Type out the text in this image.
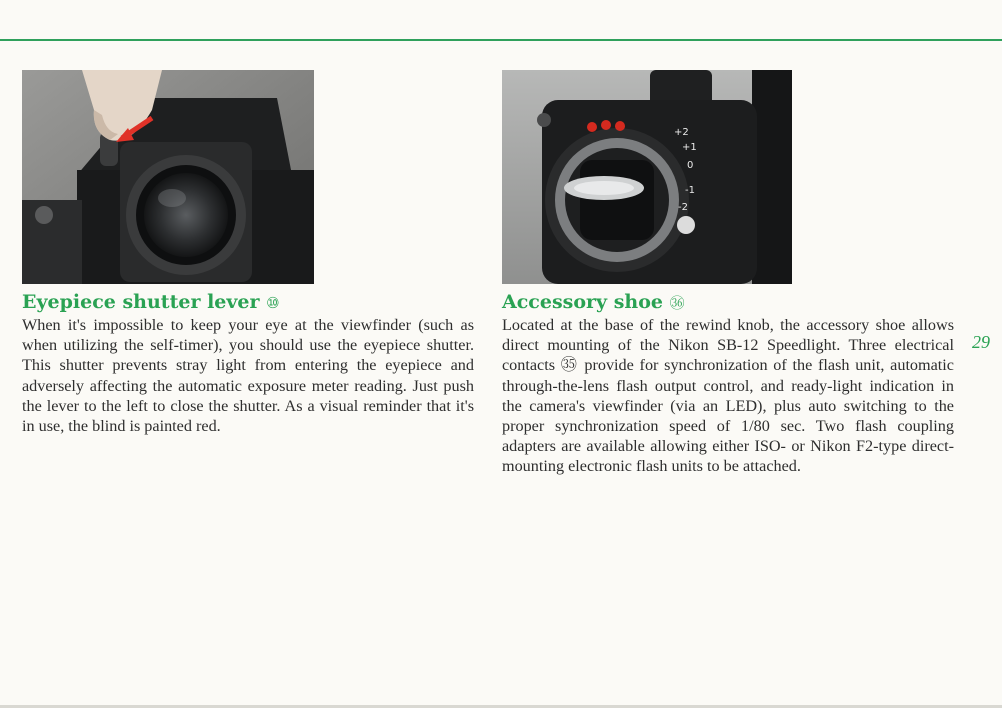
+2
+1
0
-1
-2
Eyepiece shutter lever ⑩

When it's impossible to keep your eye at the viewfinder (such as when utilizing the self-timer), you should use the eyepiece shutter. This shutter prevents stray light from entering the eyepiece and adversely affecting the automatic exposure meter reading. Just push the lever to the left to close the shutter. As a visual reminder that it's in use, the blind is painted red.

Accessory shoe ㊱

Located at the base of the rewind knob, the accessory shoe allows direct mounting of the Nikon SB-12 Speedlight. Three electrical contacts ㉟ provide for synchronization of the flash unit, automatic through-the-lens flash output control, and ready-light indication in the camera's viewfinder (via an LED), plus auto switching to the proper synchronization speed of 1/80 sec. Two flash coupling adapters are available allowing either ISO- or Nikon F2-type direct-mounting electronic flash units to be attached.

29
